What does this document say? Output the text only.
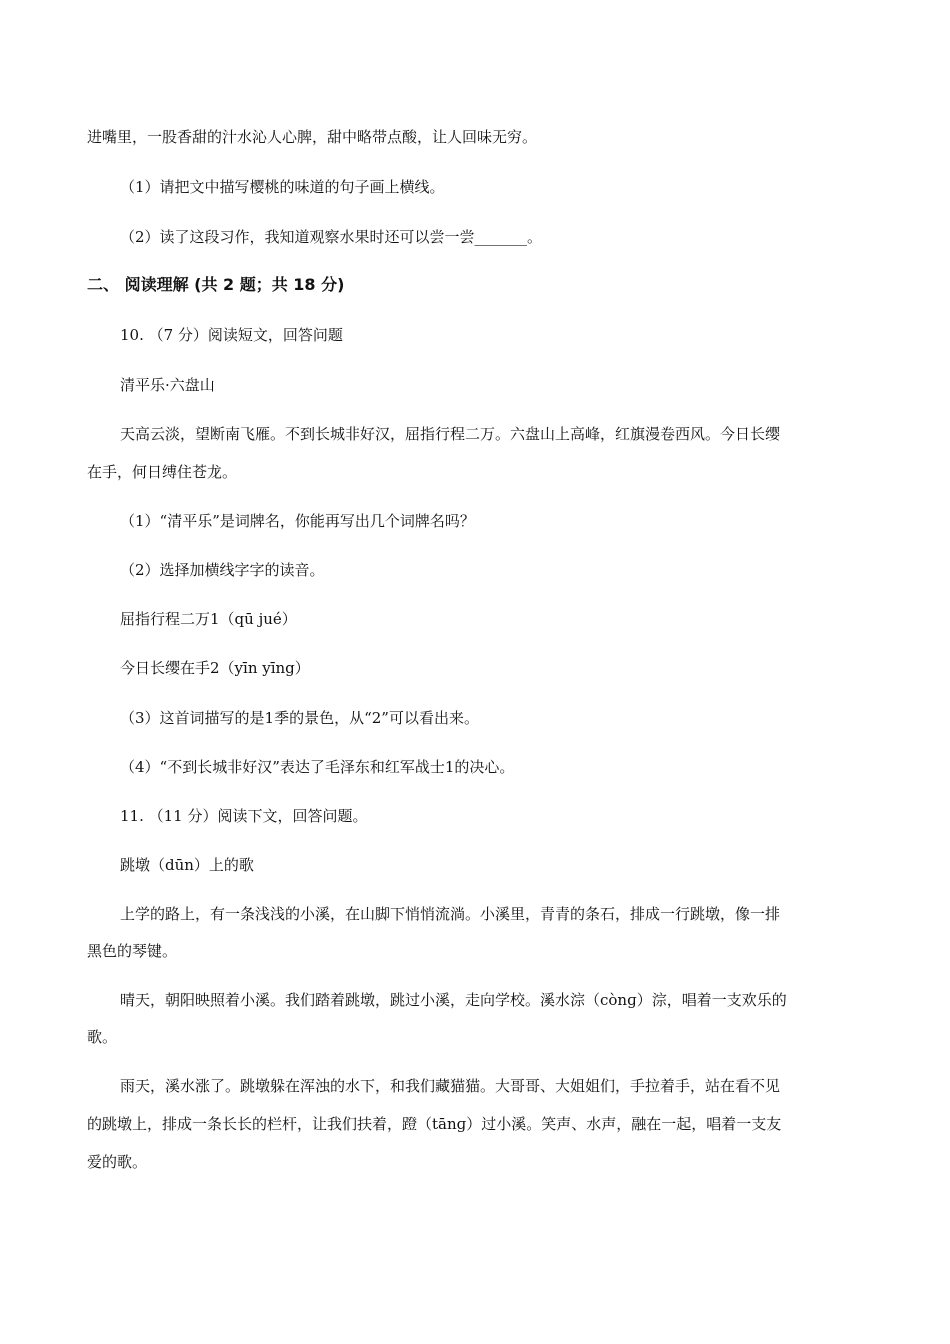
进嘴里，一股香甜的汁水沁人心脾，甜中略带点酸，让人回味无穷。
（1）请把文中描写樱桃的味道的句子画上横线。
（2）读了这段习作，我知道观察水果时还可以尝一尝_______。
二、 阅读理解 (共 2 题；共 18 分)
10. （7 分）阅读短文，回答问题
清平乐·六盘山
天高云淡，望断南飞雁。不到长城非好汉，屈指行程二万。六盘山上高峰，红旗漫卷西风。今日长缨
在手，何日缚住苍龙。
（1）“清平乐”是词牌名，你能再写出几个词牌名吗？
（2）选择加横线字字的读音。
屈指行程二万1（qū jué）
今日长缨在手2（yīn yīng）
（3）这首词描写的是1季的景色，从“2”可以看出来。
（4）“不到长城非好汉”表达了毛泽东和红军战士1的决心。
11. （11 分）阅读下文，回答问题。
跳墩（dūn）上的歌
上学的路上，有一条浅浅的小溪，在山脚下悄悄流淌。小溪里，青青的条石，排成一行跳墩，像一排
黑色的琴键。
晴天，朝阳映照着小溪。我们踏着跳墩，跳过小溪，走向学校。溪水淙（cònɡ）淙，唱着一支欢乐的
歌。
雨天，溪水涨了。跳墩躲在浑浊的水下，和我们藏猫猫。大哥哥、大姐姐们，手拉着手，站在看不见
的跳墩上，排成一条长长的栏杆，让我们扶着，蹬（tānɡ）过小溪。笑声、水声，融在一起，唱着一支友
爱的歌。
